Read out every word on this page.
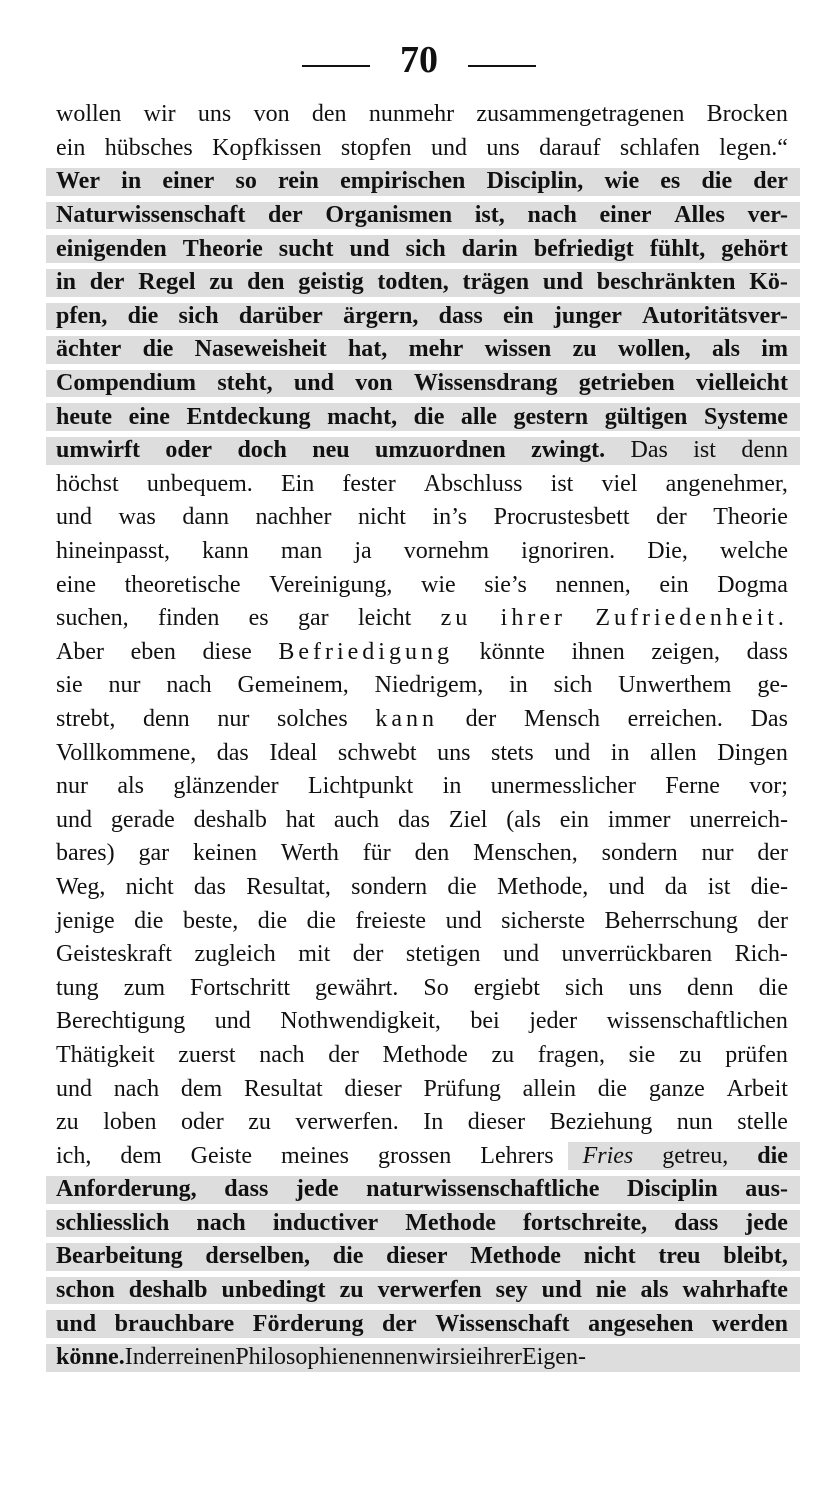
70
wollen wir uns von den nunmehr zusammengetragenen Brocken
ein hübsches Kopfkissen stopfen und uns darauf schlafen legen.“
Wer in einer so rein empirischen Disciplin, wie es die der
Naturwissenschaft der Organismen ist, nach einer Alles ver-
einigenden Theorie sucht und sich darin befriedigt fühlt, gehört
in der Regel zu den geistig todten, trägen und beschränkten Kö-
pfen, die sich darüber ärgern, dass ein junger Autoritätsver-
ächter die Naseweisheit hat, mehr wissen zu wollen, als im
Compendium steht, und von Wissensdrang getrieben vielleicht
heute eine Entdeckung macht, die alle gestern gültigen Systeme
umwirft oder doch neu umzuordnen zwingt. Das ist denn
höchst unbequem. Ein fester Abschluss ist viel angenehmer,
und was dann nachher nicht in’s Procrustesbett der Theorie
hineinpasst, kann man ja vornehm ignoriren. Die, welche
eine theoretische Vereinigung, wie sie’s nennen, ein Dogma
suchen, finden es gar leicht zu ihrer Zufriedenheit.
Aber eben diese Befriedigung könnte ihnen zeigen, dass
sie nur nach Gemeinem, Niedrigem, in sich Unwerthem ge-
strebt, denn nur solches kann der Mensch erreichen. Das
Vollkommene, das Ideal schwebt uns stets und in allen Dingen
nur als glänzender Lichtpunkt in unermesslicher Ferne vor;
und gerade deshalb hat auch das Ziel (als ein immer unerreich-
bares) gar keinen Werth für den Menschen, sondern nur der
Weg, nicht das Resultat, sondern die Methode, und da ist die-
jenige die beste, die die freieste und sicherste Beherrschung der
Geisteskraft zugleich mit der stetigen und unverrückbaren Rich-
tung zum Fortschritt gewährt. So ergiebt sich uns denn die
Berechtigung und Nothwendigkeit, bei jeder wissenschaftlichen
Thätigkeit zuerst nach der Methode zu fragen, sie zu prüfen
und nach dem Resultat dieser Prüfung allein die ganze Arbeit
zu loben oder zu verwerfen. In dieser Beziehung nun stelle
ich, dem Geiste meines grossen Lehrers Fries getreu, die
Anforderung, dass jede naturwissenschaftliche Disciplin aus-
schliesslich nach inductiver Methode fortschreite, dass jede
Bearbeitung derselben, die dieser Methode nicht treu bleibt,
schon deshalb unbedingt zu verwerfen sey und nie als wahrhafte
und brauchbare Förderung der Wissenschaft angesehen werden
könne. In der reinen Philosophie nennen wir sie ihrer Eigen-
